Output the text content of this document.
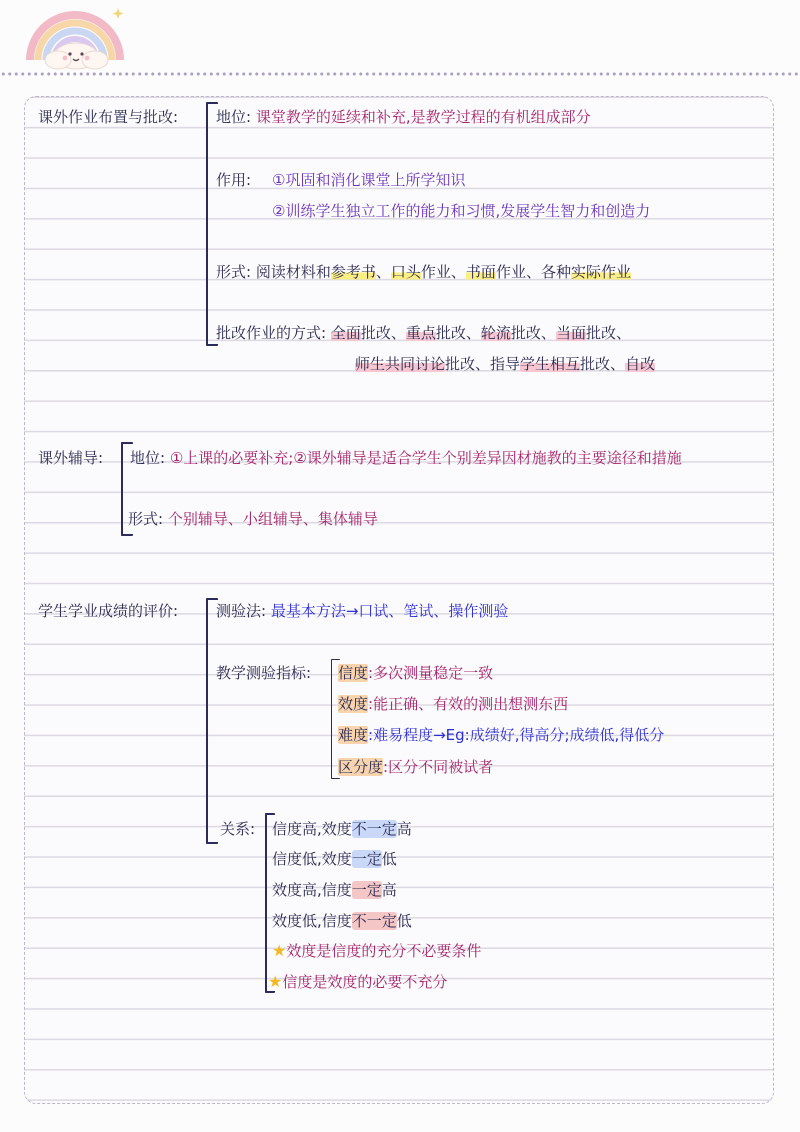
课外作业布置与批改:	地位: 课堂教学的延续和补充,是教学过程的有机组成部分
作用: ①巩固和消化课堂上所学知识
②训练学生独立工作的能力和习惯,发展学生智力和创造力
形式: 阅读材料和参考书、口头作业、书面作业、各种实际作业
批改作业的方式: 全面批改、重点批改、轮流批改、当面批改、
师生共同讨论批改、指导学生相互批改、自改
课外辅导: 地位: ①上课的必要补充;②课外辅导是适合学生个别差异因材施教的主要途径和措施
形式: 个别辅导、小组辅导、集体辅导
学生学业成绩的评价:	测验法: 最基本方法→口试、笔试、操作测验
教学测验指标: 信度:多次测量稳定一致
效度:能正确、有效的测出想测东西
难度:难易程度→Eg:成绩好,得高分;成绩低,得低分
区分度:区分不同被试者
关系: 信度高,效度不一定高
信度低,效度一定低
效度高,信度一定高
效度低,信度不一定低
★效度是信度的充分不必要条件
★信度是效度的必要不充分
